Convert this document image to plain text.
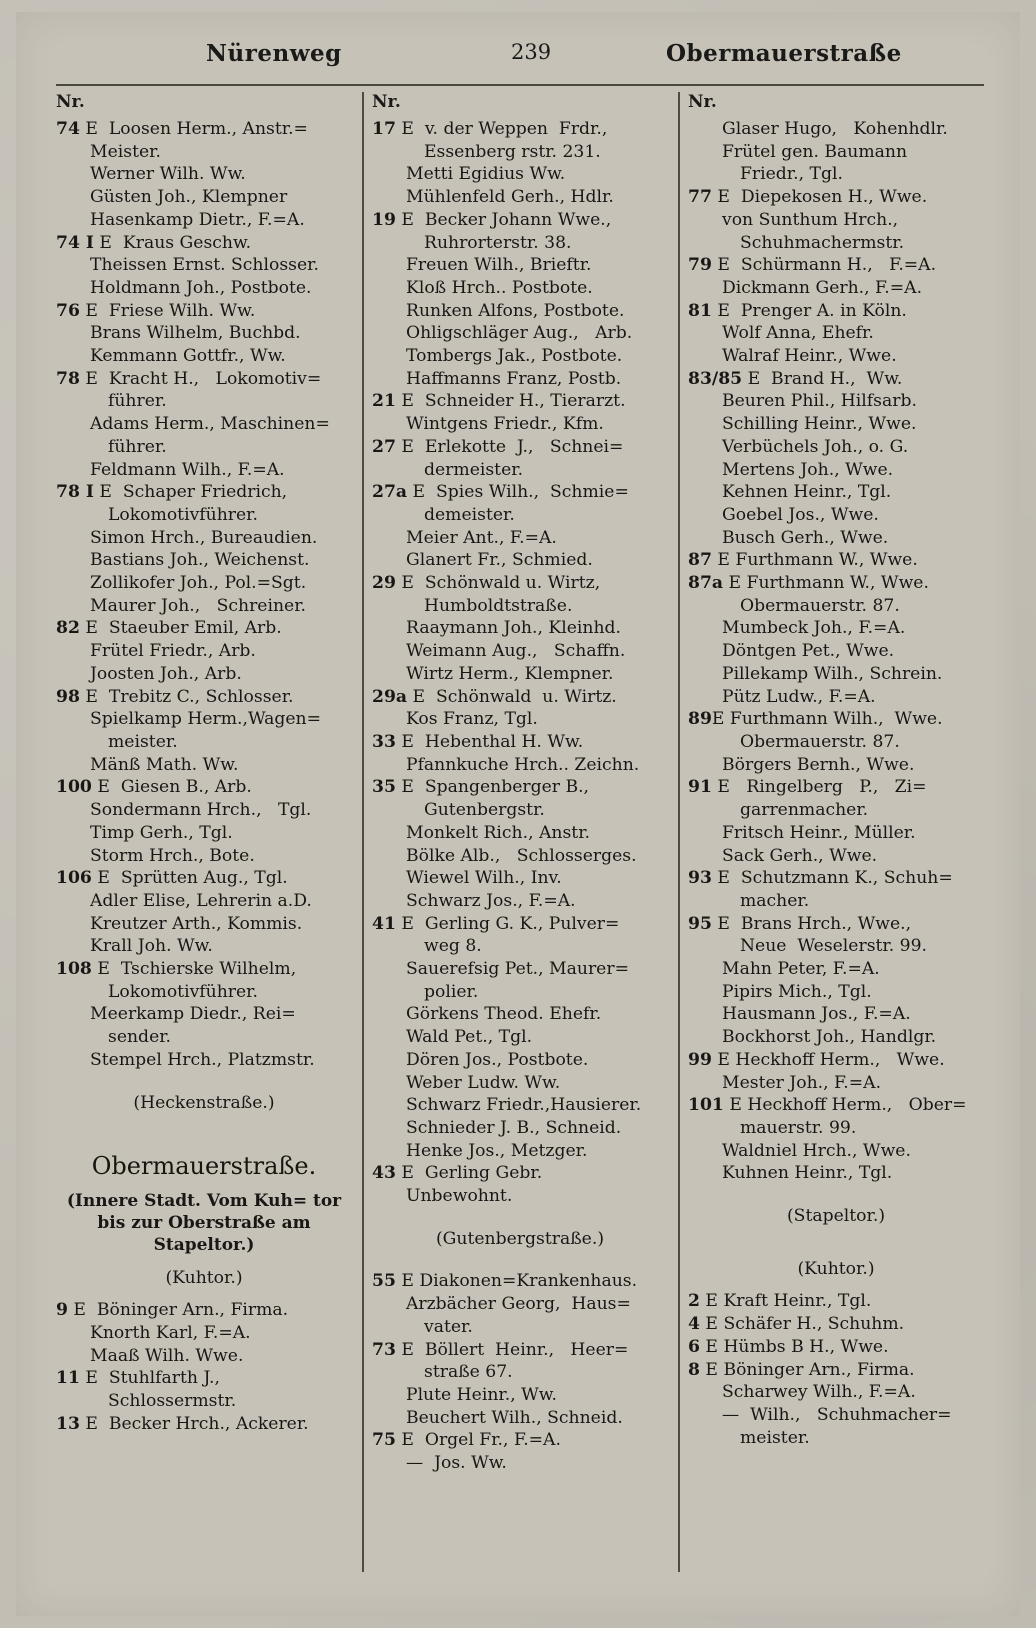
Nürenweg	239	Obermauerstraße
Nr.
74 E  Loosen Herm., Anstr.=
Meister.
Werner Wilh. Ww.
Güsten Joh., Klempner
Hasenkamp Dietr., F.=A.
74 I E  Kraus Geschw.
Theissen Ernst. Schlosser.
Holdmann Joh., Postbote.
76 E  Friese Wilh. Ww.
Brans Wilhelm, Buchbd.
Kemmann Gottfr., Ww.
78 E  Kracht H.,   Lokomotiv=
führer.
Adams Herm., Maschinen=
führer.
Feldmann Wilh., F.=A.
78 I E  Schaper Friedrich,
Lokomotivführer.
Simon Hrch., Bureaudien.
Bastians Joh., Weichenst.
Zollikofer Joh., Pol.=Sgt.
Maurer Joh.,   Schreiner.
82 E  Staeuber Emil, Arb.
Frütel Friedr., Arb.
Joosten Joh., Arb.
98 E  Trebitz C., Schlosser.
Spielkamp Herm.,Wagen=
meister.
Mänß Math. Ww.
100 E  Giesen B., Arb.
Sondermann Hrch.,   Tgl.
Timp Gerh., Tgl.
Storm Hrch., Bote.
106 E  Sprütten Aug., Tgl.
Adler Elise, Lehrerin a.D.
Kreutzer Arth., Kommis.
Krall Joh. Ww.
108 E  Tschierske Wilhelm,
Lokomotivführer.
Meerkamp Diedr., Rei=
sender.
Stempel Hrch., Platzmstr.
(Heckenstraße.)
Obermauerstraße.
(Innere Stadt. Vom Kuh= tor bis zur Oberstraße am Stapeltor.)
(Kuhtor.)
9 E  Böninger Arn., Firma.
Knorth Karl, F.=A.
Maaß Wilh. Wwe.
11 E  Stuhlfarth J.,
Schlossermstr.
13 E  Becker Hrch., Ackerer.
Nr.
17 E  v. der Weppen  Frdr.,
Essenberg rstr. 231.
Metti Egidius Ww.
Mühlenfeld Gerh., Hdlr.
19 E  Becker Johann Wwe.,
Ruhrorterstr. 38.
Freuen Wilh., Brieftr.
Kloß Hrch.. Postbote.
Runken Alfons, Postbote.
Ohligschläger Aug.,   Arb.
Tombergs Jak., Postbote.
Haffmanns Franz, Postb.
21 E  Schneider H., Tierarzt.
Wintgens Friedr., Kfm.
27 E  Erlekotte  J.,   Schnei=
dermeister.
27a E  Spies Wilh.,  Schmie=
demeister.
Meier Ant., F.=A.
Glanert Fr., Schmied.
29 E  Schönwald u. Wirtz,
Humboldtstraße.
Raaymann Joh., Kleinhd.
Weimann Aug.,   Schaffn.
Wirtz Herm., Klempner.
29a E  Schönwald  u. Wirtz.
Kos Franz, Tgl.
33 E  Hebenthal H. Ww.
Pfannkuche Hrch.. Zeichn.
35 E  Spangenberger B.,
Gutenbergstr.
Monkelt Rich., Anstr.
Bölke Alb.,   Schlosserges.
Wiewel Wilh., Inv.
Schwarz Jos., F.=A.
41 E  Gerling G. K., Pulver=
weg 8.
Sauerefsig Pet., Maurer=
polier.
Görkens Theod. Ehefr.
Wald Pet., Tgl.
Dören Jos., Postbote.
Weber Ludw. Ww.
Schwarz Friedr.,Hausierer.
Schnieder J. B., Schneid.
Henke Jos., Metzger.
43 E  Gerling Gebr.
Unbewohnt.
(Gutenbergstraße.)
55 E Diakonen=Krankenhaus.
Arzbächer Georg,  Haus=
vater.
73 E  Böllert  Heinr.,   Heer=
straße 67.
Plute Heinr., Ww.
Beuchert Wilh., Schneid.
75 E  Orgel Fr., F.=A.
—  Jos. Ww.
Nr.
Glaser Hugo,   Kohenhdlr.
Frütel gen. Baumann
Friedr., Tgl.
77 E  Diepekosen H., Wwe.
von Sunthum Hrch.,
Schuhmachermstr.
79 E  Schürmann H.,   F.=A.
Dickmann Gerh., F.=A.
81 E  Prenger A. in Köln.
Wolf Anna, Ehefr.
Walraf Heinr., Wwe.
83/85 E  Brand H.,  Ww.
Beuren Phil., Hilfsarb.
Schilling Heinr., Wwe.
Verbüchels Joh., o. G.
Mertens Joh., Wwe.
Kehnen Heinr., Tgl.
Goebel Jos., Wwe.
Busch Gerh., Wwe.
87 E Furthmann W., Wwe.
87a E Furthmann W., Wwe.
Obermauerstr. 87.
Mumbeck Joh., F.=A.
Döntgen Pet., Wwe.
Pillekamp Wilh., Schrein.
Pütz Ludw., F.=A.
89E Furthmann Wilh.,  Wwe.
Obermauerstr. 87.
Börgers Bernh., Wwe.
91 E   Ringelberg   P.,   Zi=
garrenmacher.
Fritsch Heinr., Müller.
Sack Gerh., Wwe.
93 E  Schutzmann K., Schuh=
macher.
95 E  Brans Hrch., Wwe.,
Neue  Weselerstr. 99.
Mahn Peter, F.=A.
Pipirs Mich., Tgl.
Hausmann Jos., F.=A.
Bockhorst Joh., Handlgr.
99 E Heckhoff Herm.,   Wwe.
Mester Joh., F.=A.
101 E Heckhoff Herm.,   Ober=
mauerstr. 99.
Waldniel Hrch., Wwe.
Kuhnen Heinr., Tgl.
(Stapeltor.)
(Kuhtor.)
2 E Kraft Heinr., Tgl.
4 E Schäfer H., Schuhm.
6 E Hümbs B H., Wwe.
8 E Böninger Arn., Firma.
Scharwey Wilh., F.=A.
—  Wilh.,   Schuhmacher=
meister.
